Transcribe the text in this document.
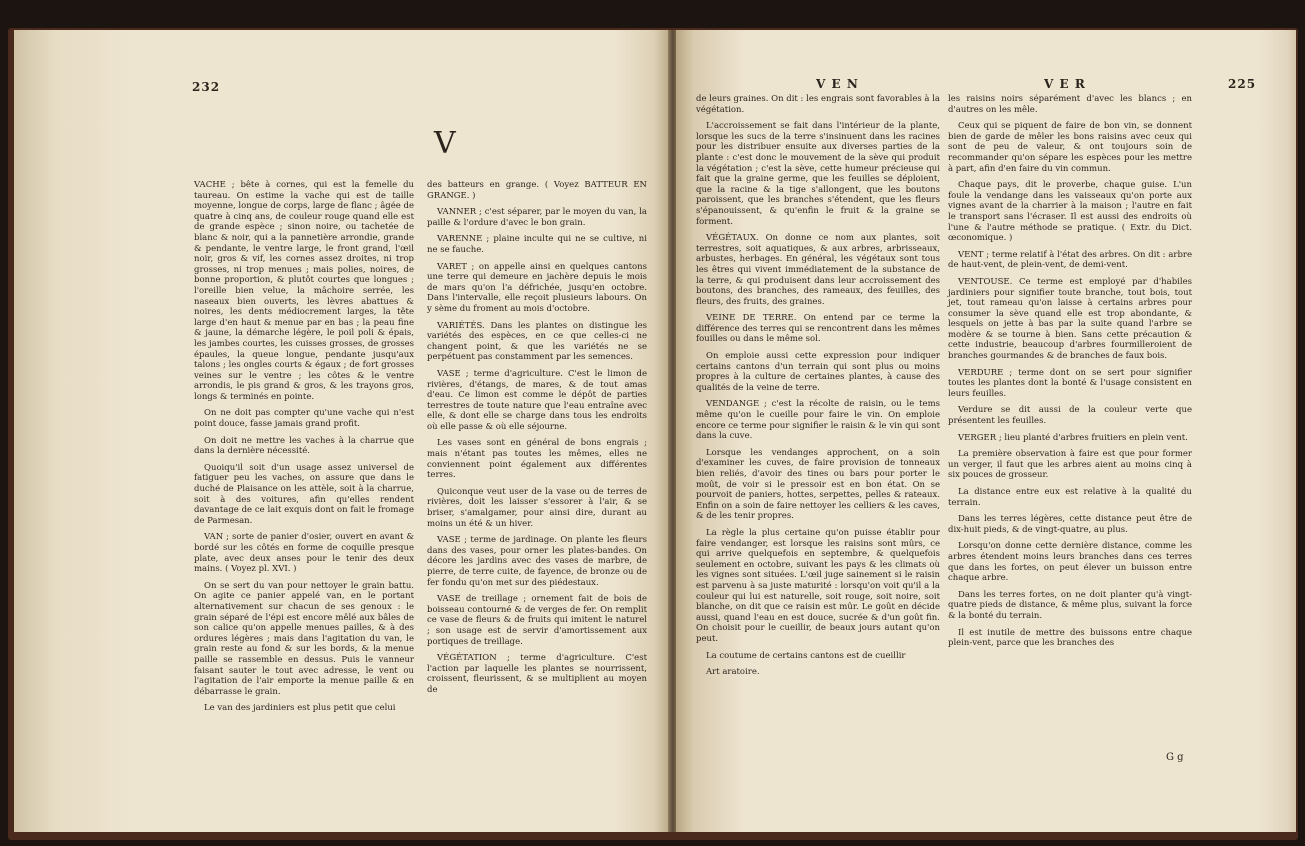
232
V

VACHE ; bête à cornes, qui est la femelle du taureau. On estime la vache qui est de taille moyenne, longue de corps, large de flanc ; âgée de quatre à cinq ans, de couleur rouge quand elle est de grande espèce ; sinon noire, ou tachetée de blanc & noir, qui a la pannetière arrondie, grande & pendante, le ventre large, le front grand, l'œil noir, gros & vif, les cornes assez droites, ni trop grosses, ni trop menues ; mais polies, noires, de bonne proportion, & plutôt courtes que longues ; l'oreille bien velue, la mâchoire serrée, les naseaux bien ouverts, les lèvres abattues & noires, les dents médiocrement larges, la tête large d'en haut & menue par en bas ; la peau fine & jaune, la démarche légère, le poil poli & épais, les jambes courtes, les cuisses grosses, de grosses épaules, la queue longue, pendante jusqu'aux talons ; les ongles courts & égaux ; de fort grosses veines sur le ventre ; les côtes & le ventre arrondis, le pis grand & gros, & les trayons gros, longs & terminés en pointe.

On ne doit pas compter qu'une vache qui n'est point douce, fasse jamais grand profit.

On doit ne mettre les vaches à la charrue que dans la dernière nécessité.

Quoiqu'il soit d'un usage assez universel de fatiguer peu les vaches, on assure que dans le duché de Plaisance on les attèle, soit à la charrue, soit à des voitures, afin qu'elles rendent davantage de ce lait exquis dont on fait le fromage de Parmesan.

VAN ; sorte de panier d'osier, ouvert en avant & bordé sur les côtés en forme de coquille presque plate, avec deux anses pour le tenir des deux mains. ( Voyez pl. XVI. )

On se sert du van pour nettoyer le grain battu. On agite ce panier appelé van, en le portant alternativement sur chacun de ses genoux : le grain séparé de l'épi est encore mêlé aux bâles de son calice qu'on appelle menues pailles, & à des ordures légères ; mais dans l'agitation du van, le grain reste au fond & sur les bords, & la menue paille se rassemble en dessus. Puis le vanneur faisant sauter le tout avec adresse, le vent ou l'agitation de l'air emporte la menue paille & en débarrasse le grain.

Le van des jardiniers est plus petit que celui

des batteurs en grange. ( Voyez BATTEUR EN GRANGE. )

VANNER ; c'est séparer, par le moyen du van, la paille & l'ordure d'avec le bon grain.

VARENNE ; plaine inculte qui ne se cultive, ni ne se fauche.

VARET ; on appelle ainsi en quelques cantons une terre qui demeure en jachère depuis le mois de mars qu'on l'a défrichée, jusqu'en octobre. Dans l'intervalle, elle reçoit plusieurs labours. On y sème du froment au mois d'octobre.

VARIÉTÉS. Dans les plantes on distingue les variétés des espèces, en ce que celles-ci ne changent point, & que les variétés ne se perpétuent pas constamment par les semences.

VASE ; terme d'agriculture. C'est le limon de rivières, d'étangs, de mares, & de tout amas d'eau. Ce limon est comme le dépôt de parties terrestres de toute nature que l'eau entraîne avec elle, & dont elle se charge dans tous les endroits où elle passe & où elle séjourne.

Les vases sont en général de bons engrais ; mais n'étant pas toutes les mêmes, elles ne conviennent point également aux différentes terres.

Quiconque veut user de la vase ou de terres de rivières, doit les laisser s'essorer à l'air, & se briser, s'amalgamer, pour ainsi dire, durant au moins un été & un hiver.

VASE ; terme de jardinage. On plante les fleurs dans des vases, pour orner les plates-bandes. On décore les jardins avec des vases de marbre, de pierre, de terre cuite, de fayence, de bronze ou de fer fondu qu'on met sur des piédestaux.

VASE de treillage ; ornement fait de bois de boisseau contourné & de verges de fer. On remplit ce vase de fleurs & de fruits qui imitent le naturel ; son usage est de servir d'amortissement aux portiques de treillage.

VÉGÉTATION ; terme d'agriculture. C'est l'action par laquelle les plantes se nourrissent, croissent, fleurissent, & se multiplient au moyen de

V E N	V E R	225

de leurs graines. On dit : les engrais sont favorables à la végétation.

L'accroissement se fait dans l'intérieur de la plante, lorsque les sucs de la terre s'insinuent dans les racines pour les distribuer ensuite aux diverses parties de la plante : c'est donc le mouvement de la sève qui produit la végétation ; c'est la sève, cette humeur précieuse qui fait que la graine germe, que les feuilles se déploient, que la racine & la tige s'allongent, que les boutons paroissent, que les branches s'étendent, que les fleurs s'épanouissent, & qu'enfin le fruit & la graine se forment.

VÉGÉTAUX. On donne ce nom aux plantes, soit terrestres, soit aquatiques, & aux arbres, arbrisseaux, arbustes, herbages. En général, les végétaux sont tous les êtres qui vivent immédiatement de la substance de la terre, & qui produisent dans leur accroissement des boutons, des branches, des rameaux, des feuilles, des fleurs, des fruits, des graines.

VEINE DE TERRE. On entend par ce terme la différence des terres qui se rencontrent dans les mêmes fouilles ou dans le même sol.

On emploie aussi cette expression pour indiquer certains cantons d'un terrain qui sont plus ou moins propres à la culture de certaines plantes, à cause des qualités de la veine de terre.

VENDANGE ; c'est la récolte de raisin, ou le tems même qu'on le cueille pour faire le vin. On emploie encore ce terme pour signifier le raisin & le vin qui sont dans la cuve.

Lorsque les vendanges approchent, on a soin d'examiner les cuves, de faire provision de tonneaux bien reliés, d'avoir des tines ou bars pour porter le moût, de voir si le pressoir est en bon état. On se pourvoit de paniers, hottes, serpettes, pelles & rateaux. Enfin on a soin de faire nettoyer les celliers & les caves, & de les tenir propres.

La règle la plus certaine qu'on puisse établir pour faire vendanger, est lorsque les raisins sont mûrs, ce qui arrive quelquefois en septembre, & quelquefois seulement en octobre, suivant les pays & les climats où les vignes sont situées. L'œil juge sainement si le raisin est parvenu à sa juste maturité : lorsqu'on voit qu'il a la couleur qui lui est naturelle, soit rouge, soit noire, soit blanche, on dit que ce raisin est mûr. Le goût en décide aussi, quand l'eau en est douce, sucrée & d'un goût fin. On choisit pour le cueillir, de beaux jours autant qu'on peut.

La coutume de certains cantons est de cueillir

Art aratoire.

les raisins noirs séparément d'avec les blancs ; en d'autres on les mêle.

Ceux qui se piquent de faire de bon vin, se donnent bien de garde de mêler les bons raisins avec ceux qui sont de peu de valeur, & ont toujours soin de recommander qu'on sépare les espèces pour les mettre à part, afin d'en faire du vin commun.

Chaque pays, dit le proverbe, chaque guise. L'un foule la vendange dans les vaisseaux qu'on porte aux vignes avant de la charrier à la maison ; l'autre en fait le transport sans l'écraser. Il est aussi des endroits où l'une & l'autre méthode se pratique. ( Extr. du Dict. œconomique. )

VENT ; terme relatif à l'état des arbres. On dit : arbre de haut-vent, de plein-vent, de demi-vent.

VENTOUSE. Ce terme est employé par d'habiles jardiniers pour signifier toute branche, tout bois, tout jet, tout rameau qu'on laisse à certains arbres pour consumer la sève quand elle est trop abondante, & lesquels on jette à bas par la suite quand l'arbre se modère & se tourne à bien. Sans cette précaution & cette industrie, beaucoup d'arbres fourmilleroient de branches gourmandes & de branches de faux bois.

VERDURE ; terme dont on se sert pour signifier toutes les plantes dont la bonté & l'usage consistent en leurs feuilles.

Verdure se dit aussi de la couleur verte que présentent les feuilles.

VERGER ; lieu planté d'arbres fruitiers en plein vent.

La première observation à faire est que pour former un verger, il faut que les arbres aient au moins cinq à six pouces de grosseur.

La distance entre eux est relative à la qualité du terrain.

Dans les terres légères, cette distance peut être de dix-huit pieds, & de vingt-quatre, au plus.

Lorsqu'on donne cette dernière distance, comme les arbres étendent moins leurs branches dans ces terres que dans les fortes, on peut élever un buisson entre chaque arbre.

Dans les terres fortes, on ne doit planter qu'à vingt-quatre pieds de distance, & même plus, suivant la force & la bonté du terrain.

Il est inutile de mettre des buissons entre chaque plein-vent, parce que les branches des

G g
